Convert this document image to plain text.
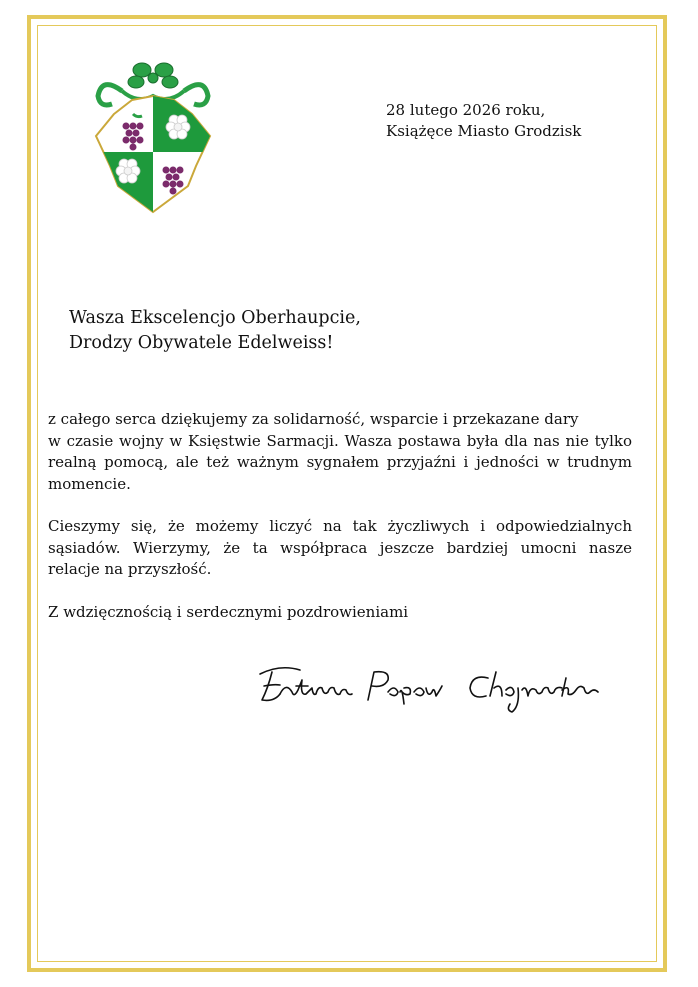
28 lutego 2026 roku,
Książęce Miasto Grodzisk
Wasza Ekscelencjo Oberhaupcie,
Drodzy Obywatele Edelweiss!
z całego serca dziękujemy za solidarność, wsparcie i przekazane dary
w czasie wojny w Księstwie Sarmacji. Wasza postawa była dla nas nie tylko
realną pomocą, ale też ważnym sygnałem przyjaźni i jedności w trudnym
momencie.
Cieszymy się, że możemy liczyć na tak życzliwych i odpowiedzialnych
sąsiadów. Wierzymy, że ta współpraca jeszcze bardziej umocni nasze
relacje na przyszłość.
Z wdzięcznością i serdecznymi pozdrowieniami
